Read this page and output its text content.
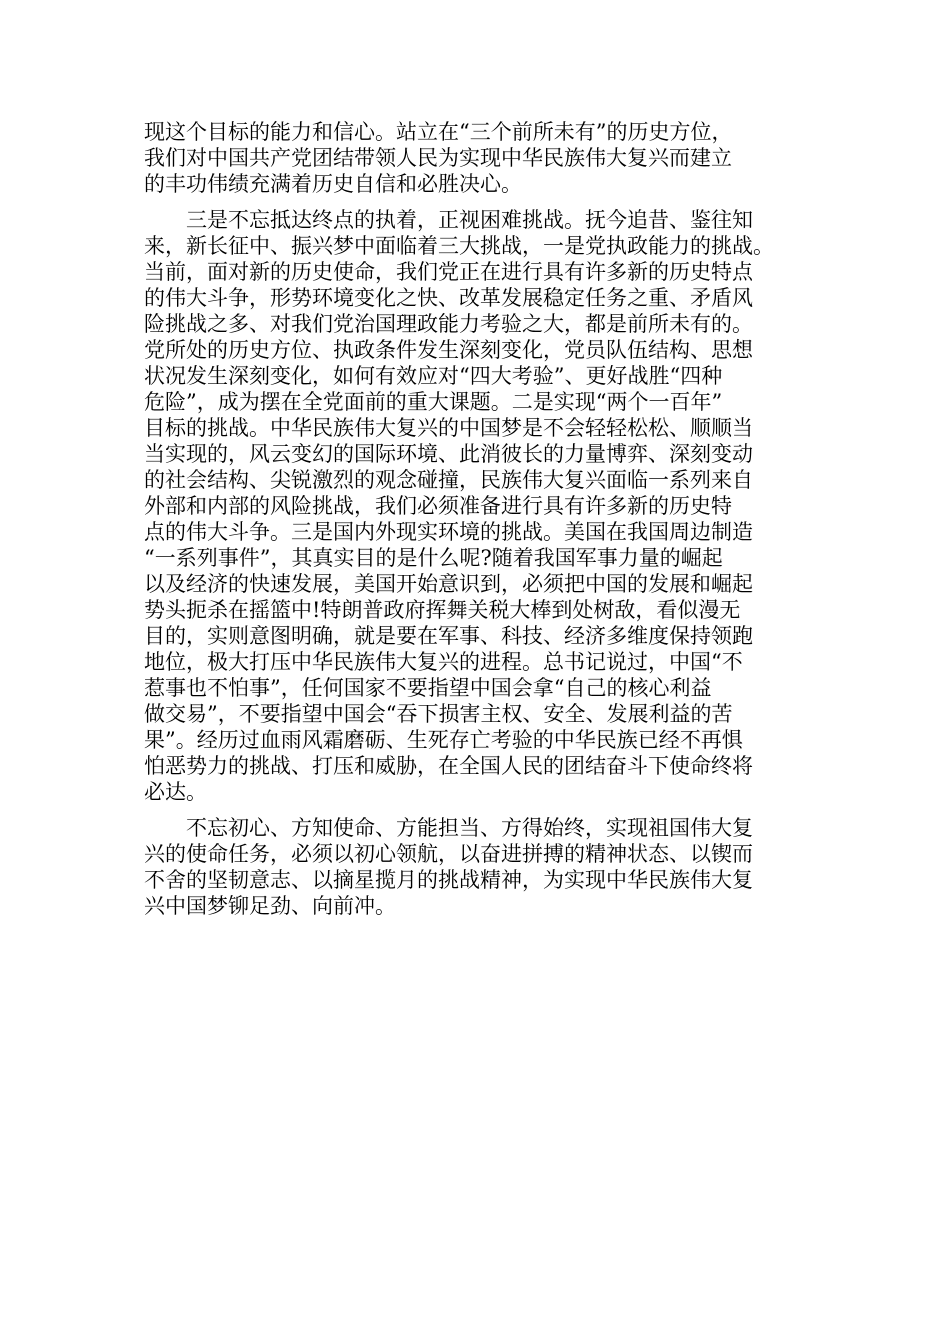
现这个目标的能力和信心。站立在“三个前所未有”的历史方位，
我们对中国共产党团结带领人民为实现中华民族伟大复兴而建立
的丰功伟绩充满着历史自信和必胜决心。
　　三是不忘抵达终点的执着，正视困难挑战。抚今追昔、鉴往知
来，新长征中、振兴梦中面临着三大挑战，一是党执政能力的挑战。
当前，面对新的历史使命，我们党正在进行具有许多新的历史特点
的伟大斗争，形势环境变化之快、改革发展稳定任务之重、矛盾风
险挑战之多、对我们党治国理政能力考验之大，都是前所未有的。
党所处的历史方位、执政条件发生深刻变化，党员队伍结构、思想
状况发生深刻变化，如何有效应对“四大考验”、更好战胜“四种
危险”，成为摆在全党面前的重大课题。二是实现“两个一百年”
目标的挑战。中华民族伟大复兴的中国梦是不会轻轻松松、顺顺当
当实现的，风云变幻的国际环境、此消彼长的力量博弈、深刻变动
的社会结构、尖锐激烈的观念碰撞，民族伟大复兴面临一系列来自
外部和内部的风险挑战，我们必须准备进行具有许多新的历史特
点的伟大斗争。三是国内外现实环境的挑战。美国在我国周边制造
“一系列事件”，其真实目的是什么呢?随着我国军事力量的崛起
以及经济的快速发展，美国开始意识到，必须把中国的发展和崛起
势头扼杀在摇篮中!特朗普政府挥舞关税大棒到处树敌，看似漫无
目的，实则意图明确，就是要在军事、科技、经济多维度保持领跑
地位，极大打压中华民族伟大复兴的进程。总书记说过，中国“不
惹事也不怕事”，任何国家不要指望中国会拿“自己的核心利益
做交易”，不要指望中国会“吞下损害主权、安全、发展利益的苦
果”。经历过血雨风霜磨砺、生死存亡考验的中华民族已经不再惧
怕恶势力的挑战、打压和威胁，在全国人民的团结奋斗下使命终将
必达。
　　不忘初心、方知使命、方能担当、方得始终，实现祖国伟大复
兴的使命任务，必须以初心领航，以奋进拼搏的精神状态、以锲而
不舍的坚韧意志、以摘星揽月的挑战精神，为实现中华民族伟大复
兴中国梦铆足劲、向前冲。
